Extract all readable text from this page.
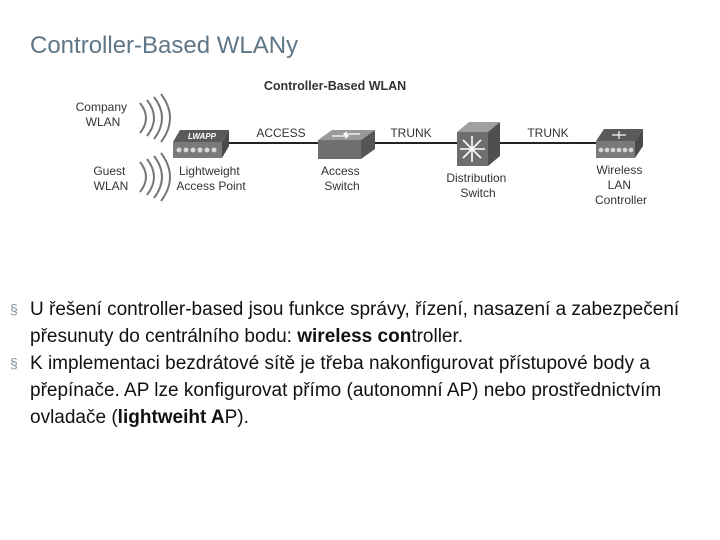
Controller-Based WLANy
Controller-Based WLAN
Company WLAN
Guest WLAN
ACCESS	TRUNK	TRUNK
LWAPP
Lightweight Access Point
Access Switch
Distribution Switch
Wireless LAN Controller
§ U řešení controller-based jsou funkce správy, řízení, nasazení a zabezpečení přesunuty do centrálního bodu: wireless controller.
§ K implementaci bezdrátové sítě je třeba nakonfigurovat přístupové body a přepínače. AP lze konfigurovat přímo (autonomní AP) nebo prostřednictvím ovladače (lightweiht AP).
